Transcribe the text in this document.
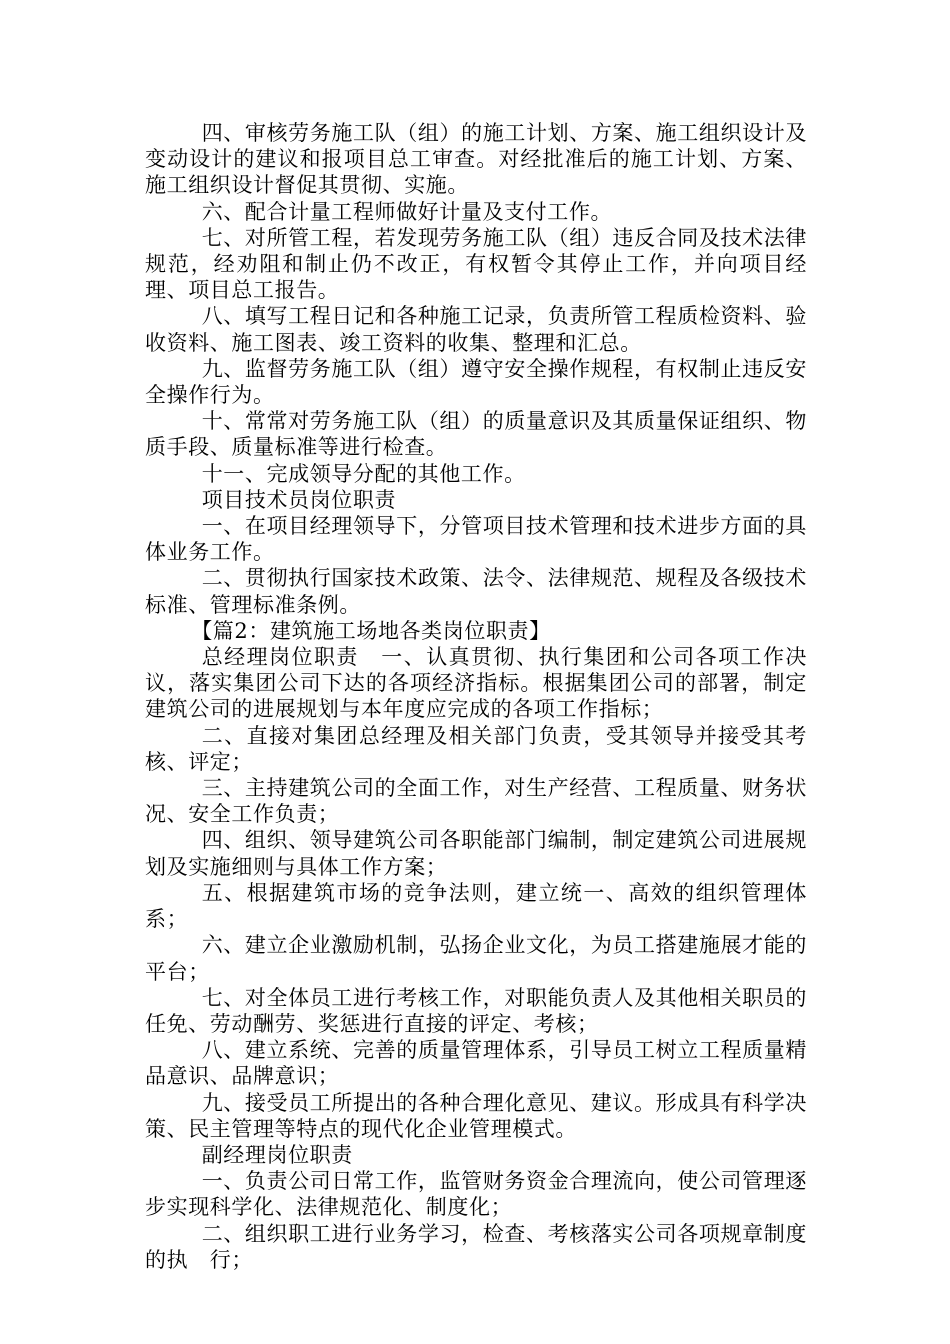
四、审核劳务施工队（组）的施工计划、方案、施工组织设计及变动设计的建议和报项目总工审查。对经批准后的施工计划、方案、施工组织设计督促其贯彻、实施。

六、配合计量工程师做好计量及支付工作。

七、对所管工程，若发现劳务施工队（组）违反合同及技术法律规范，经劝阻和制止仍不改正，有权暂令其停止工作，并向项目经理、项目总工报告。

八、填写工程日记和各种施工记录，负责所管工程质检资料、验收资料、施工图表、竣工资料的收集、整理和汇总。

九、监督劳务施工队（组）遵守安全操作规程，有权制止违反安全操作行为。

十、常常对劳务施工队（组）的质量意识及其质量保证组织、物质手段、质量标准等进行检查。

十一、完成领导分配的其他工作。

项目技术员岗位职责

一、在项目经理领导下，分管项目技术管理和技术进步方面的具体业务工作。

二、贯彻执行国家技术政策、法令、法律规范、规程及各级技术标准、管理标准条例。

【篇2：建筑施工场地各类岗位职责】

总经理岗位职责　一、认真贯彻、执行集团和公司各项工作决议，落实集团公司下达的各项经济指标。根据集团公司的部署，制定建筑公司的进展规划与本年度应完成的各项工作指标；

二、直接对集团总经理及相关部门负责，受其领导并接受其考核、评定；

三、主持建筑公司的全面工作，对生产经营、工程质量、财务状况、安全工作负责；

四、组织、领导建筑公司各职能部门编制，制定建筑公司进展规划及实施细则与具体工作方案；

五、根据建筑市场的竞争法则，建立统一、高效的组织管理体系；

六、建立企业激励机制，弘扬企业文化，为员工搭建施展才能的平台；

七、对全体员工进行考核工作，对职能负责人及其他相关职员的任免、劳动酬劳、奖惩进行直接的评定、考核；

八、建立系统、完善的质量管理体系，引导员工树立工程质量精品意识、品牌意识；

九、接受员工所提出的各种合理化意见、建议。形成具有科学决策、民主管理等特点的现代化企业管理模式。

副经理岗位职责

一、负责公司日常工作，监管财务资金合理流向，使公司管理逐步实现科学化、法律规范化、制度化；

二、组织职工进行业务学习，检查、考核落实公司各项规章制度的执　行；
